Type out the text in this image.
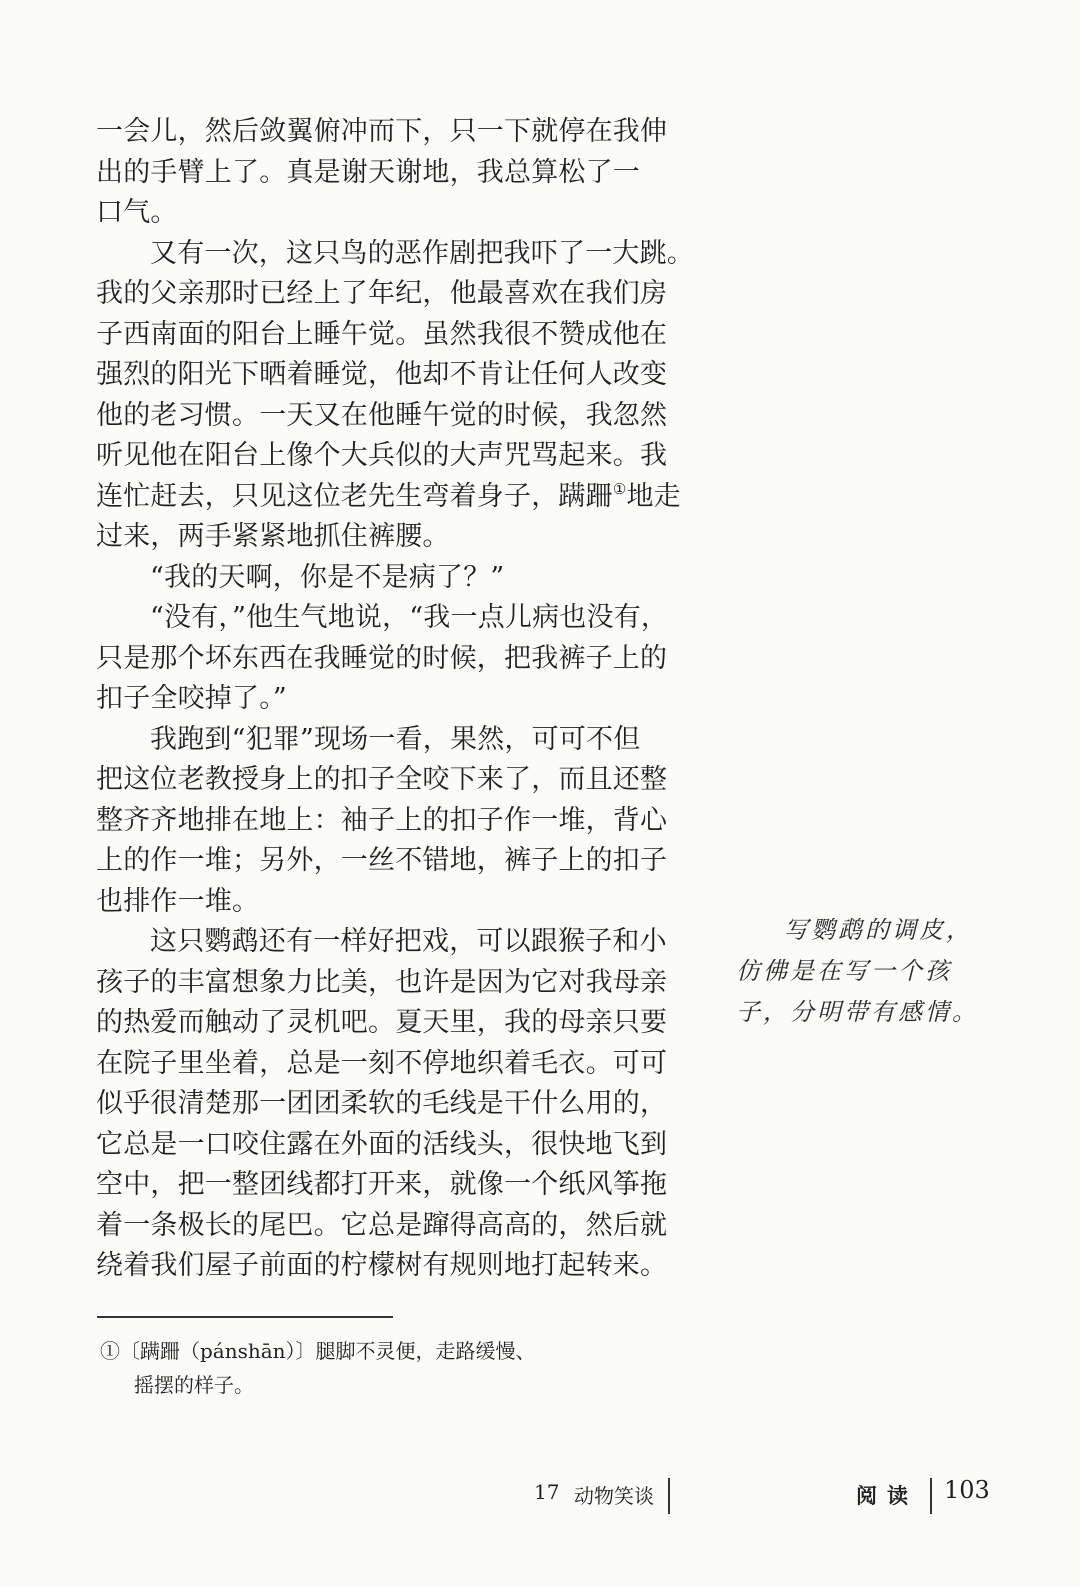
一会儿，然后敛翼俯冲而下，只一下就停在我伸
出的手臂上了。真是谢天谢地，我总算松了一
口气。
又有一次，这只鸟的恶作剧把我吓了一大跳。
我的父亲那时已经上了年纪，他最喜欢在我们房
子西南面的阳台上睡午觉。虽然我很不赞成他在
强烈的阳光下晒着睡觉，他却不肯让任何人改变
他的老习惯。一天又在他睡午觉的时候，我忽然
听见他在阳台上像个大兵似的大声咒骂起来。我
连忙赶去，只见这位老先生弯着身子，蹒跚①地走
过来，两手紧紧地抓住裤腰。
“我的天啊，你是不是病了？”
“没有，”他生气地说，“我一点儿病也没有，
只是那个坏东西在我睡觉的时候，把我裤子上的
扣子全咬掉了。”
我跑到“犯罪”现场一看，果然，可可不但
把这位老教授身上的扣子全咬下来了，而且还整
整齐齐地排在地上：袖子上的扣子作一堆，背心
上的作一堆；另外，一丝不错地，裤子上的扣子
也排作一堆。
这只鹦鹉还有一样好把戏，可以跟猴子和小
孩子的丰富想象力比美，也许是因为它对我母亲
的热爱而触动了灵机吧。夏天里，我的母亲只要
在院子里坐着，总是一刻不停地织着毛衣。可可
似乎很清楚那一团团柔软的毛线是干什么用的，
它总是一口咬住露在外面的活线头，很快地飞到
空中，把一整团线都打开来，就像一个纸风筝拖
着一条极长的尾巴。它总是蹿得高高的，然后就
绕着我们屋子前面的柠檬树有规则地打起转来。
写鹦鹉的调皮，
仿佛是在写一个孩
子，分明带有感情。
①〔蹒跚（pánshān）〕腿脚不灵便，走路缓慢、
摇摆的样子。
17 动物笑谈	阅读 103
